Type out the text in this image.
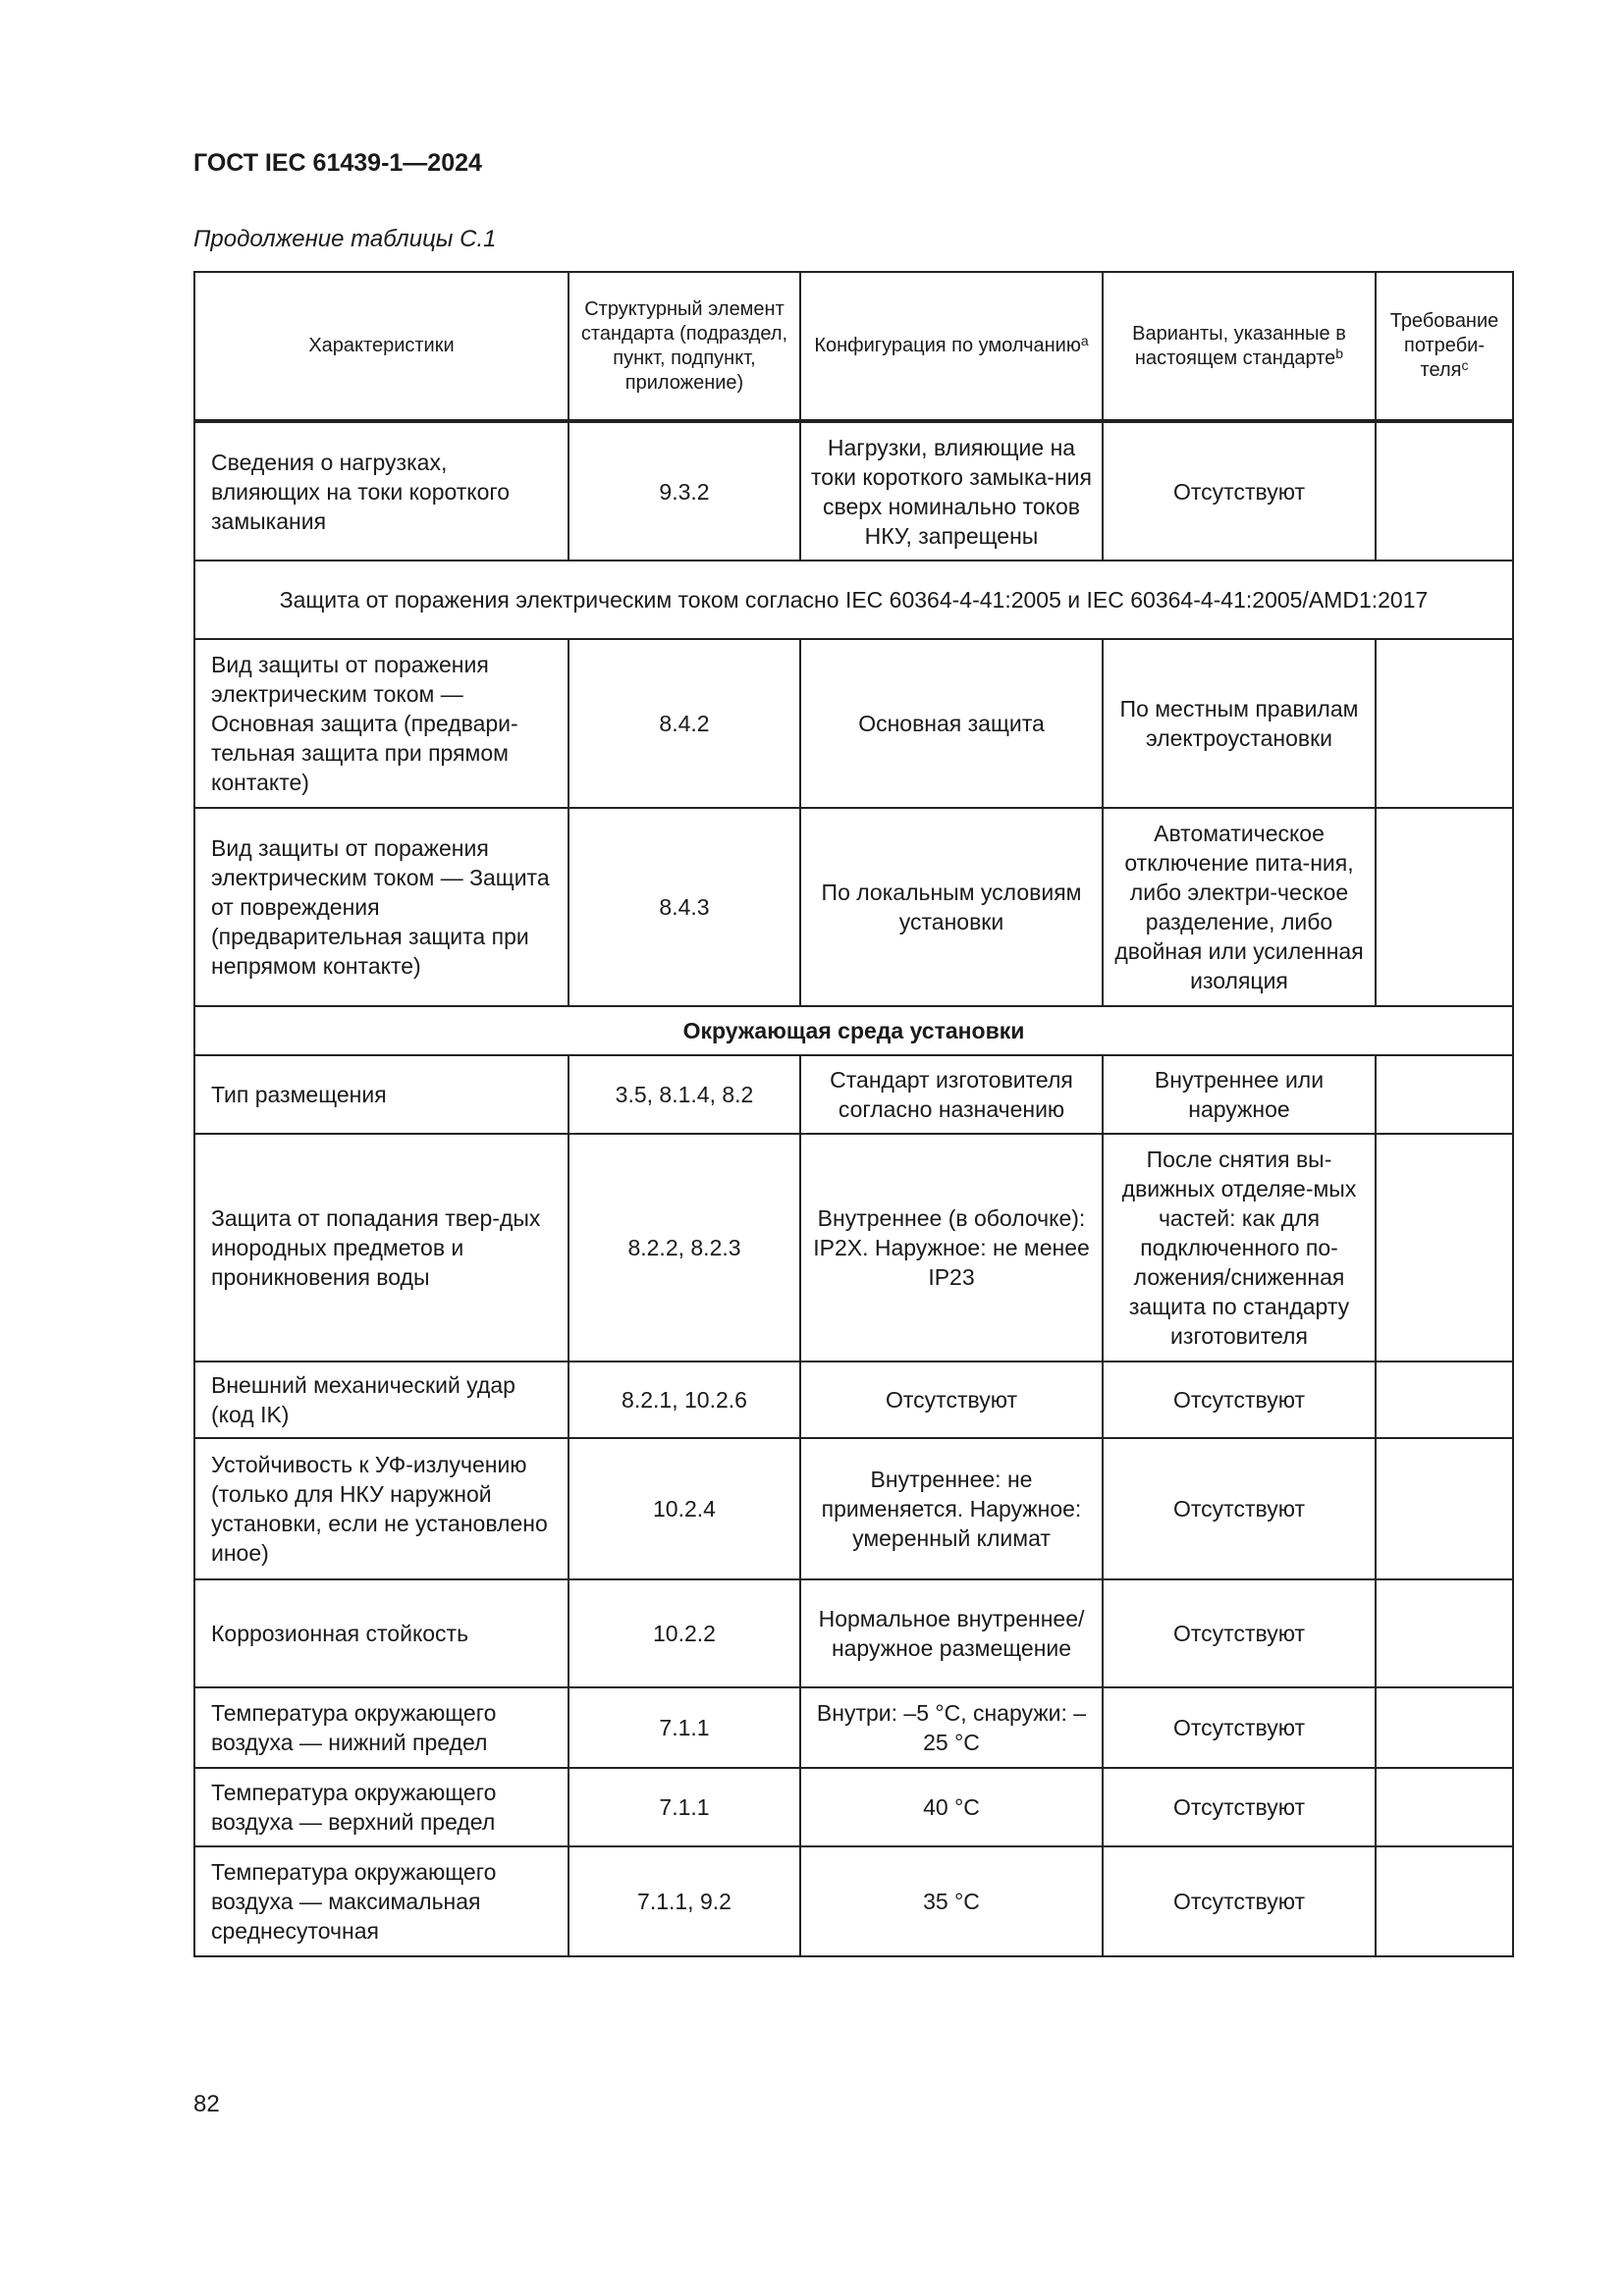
ГОСТ IEC 61439-1—2024
Продолжение таблицы С.1
Характеристики	Структурный элемент стандарта (подраздел, пункт, подпункт, приложение)	Конфигурация по умолчанию$^a$	Варианты, указанные в настоящем стандарте$^b$	Требование потреби-теля$^c$
Сведения о нагрузках, влияющих на токи короткого замыкания	9.3.2	Нагрузки, влияющие на токи короткого замыка-ния сверх номинально токов НКУ, запрещены	Отсутствуют	
Защита от поражения электрическим током согласно IEC 60364-4-41:2005 и IEC 60364-4-41:2005/AMD1:2017				
Вид защиты от поражения электрическим током — Основная защита (предвари-тельная защита при прямом контакте)	8.4.2	Основная защита	По местным правилам электроустановки	
Вид защиты от поражения электрическим током — Защита от повреждения (предварительная защита при непрямом контакте)	8.4.3	По локальным условиям установки	Автоматическое отключение пита-ния, либо электри-ческое разделение, либо двойная или усиленная изоляция	
Окружающая среда установки				
Тип размещения	3.5, 8.1.4, 8.2	Стандарт изготовителя согласно назначению	Внутреннее или наружное	
Защита от попадания твер-дых инородных предметов и проникновения воды	8.2.2, 8.2.3	Внутреннее (в оболочке): IP2X. Наружное: не менее IP23	После снятия вы-движных отделяе-мых частей: как для подключенного по-ложения/сниженная защита по стандарту изготовителя	
Внешний механический удар (код IK)	8.2.1, 10.2.6	Отсутствуют	Отсутствуют	
Устойчивость к УФ-излучению (только для НКУ наружной установки, если не установлено иное)	10.2.4	Внутреннее: не применяется. Наружное: умеренный климат	Отсутствуют	
Коррозионная стойкость	10.2.2	Нормальное внутреннее/наружное размещение	Отсутствуют	
Температура окружающего воздуха — нижний предел	7.1.1	Внутри: –5 °С, снаружи: –25 °С	Отсутствуют	
Температура окружающего воздуха — верхний предел	7.1.1	40 °С	Отсутствуют	
Температура окружающего воздуха — максимальная среднесуточная	7.1.1, 9.2	35 °С	Отсутствуют	
82
